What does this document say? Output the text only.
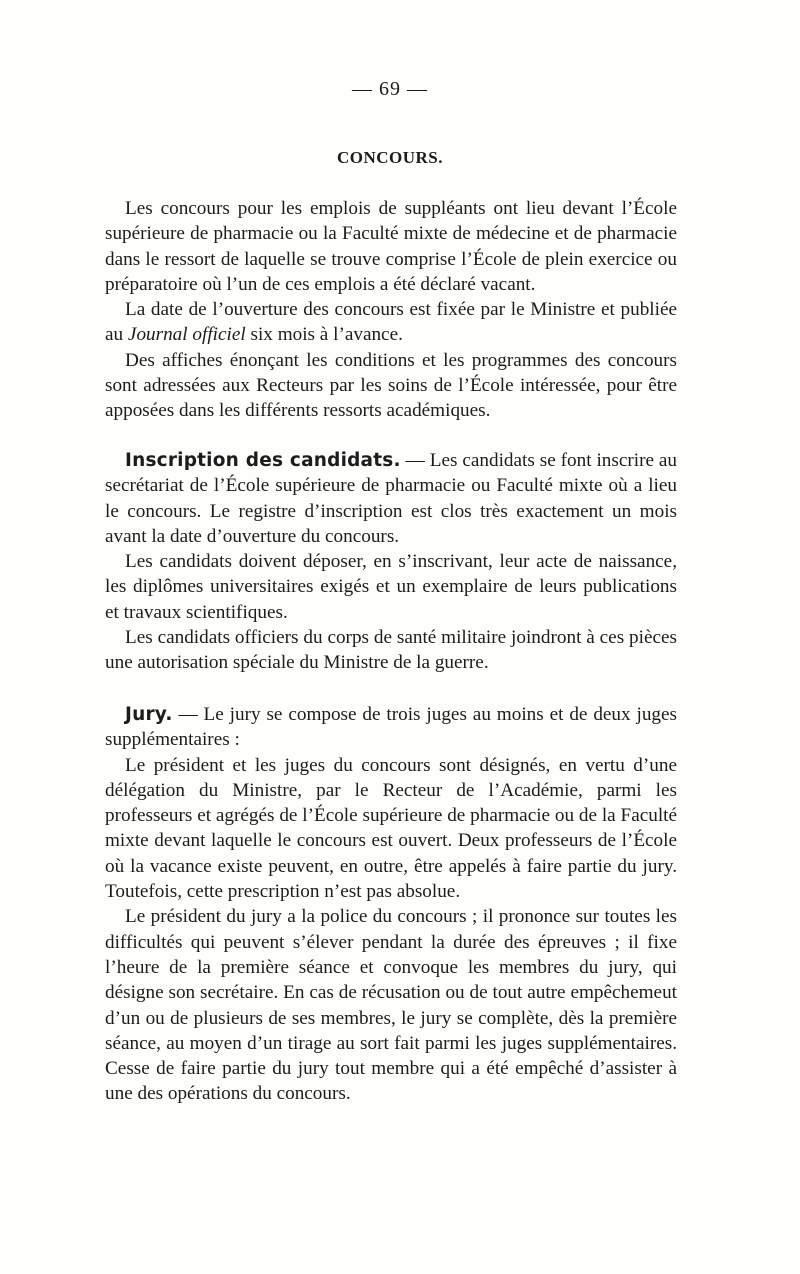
— 69 —
CONCOURS.

Les concours pour les emplois de suppléants ont lieu devant l’École supérieure de pharmacie ou la Faculté mixte de médecine et de pharmacie dans le ressort de laquelle se trouve comprise l’École de plein exercice ou préparatoire où l’un de ces emplois a été déclaré vacant.

La date de l’ouverture des concours est fixée par le Ministre et publiée au Journal officiel six mois à l’avance.

Des affiches énonçant les conditions et les programmes des concours sont adressées aux Recteurs par les soins de l’École intéressée, pour être apposées dans les différents ressorts académiques.

Inscription des candidats. — Les candidats se font inscrire au secrétariat de l’École supérieure de pharmacie ou Faculté mixte où a lieu le concours. Le registre d’inscription est clos très exactement un mois avant la date d’ouverture du concours.

Les candidats doivent déposer, en s’inscrivant, leur acte de naissance, les diplômes universitaires exigés et un exemplaire de leurs publications et travaux scientifiques.

Les candidats officiers du corps de santé militaire joindront à ces pièces une autorisation spéciale du Ministre de la guerre.

Jury. — Le jury se compose de trois juges au moins et de deux juges supplémentaires :

Le président et les juges du concours sont désignés, en vertu d’une délégation du Ministre, par le Recteur de l’Académie, parmi les professeurs et agrégés de l’École supérieure de pharmacie ou de la Faculté mixte devant laquelle le concours est ouvert. Deux professeurs de l’École où la vacance existe peuvent, en outre, être appelés à faire partie du jury. Toutefois, cette prescription n’est pas absolue.

Le président du jury a la police du concours ; il prononce sur toutes les difficultés qui peuvent s’élever pendant la durée des épreuves ; il fixe l’heure de la première séance et convoque les membres du jury, qui désigne son secrétaire. En cas de récusation ou de tout autre empêchemeut d’un ou de plusieurs de ses membres, le jury se complète, dès la première séance, au moyen d’un tirage au sort fait parmi les juges supplémentaires. Cesse de faire partie du jury tout membre qui a été empêché d’assister à une des opérations du concours.
